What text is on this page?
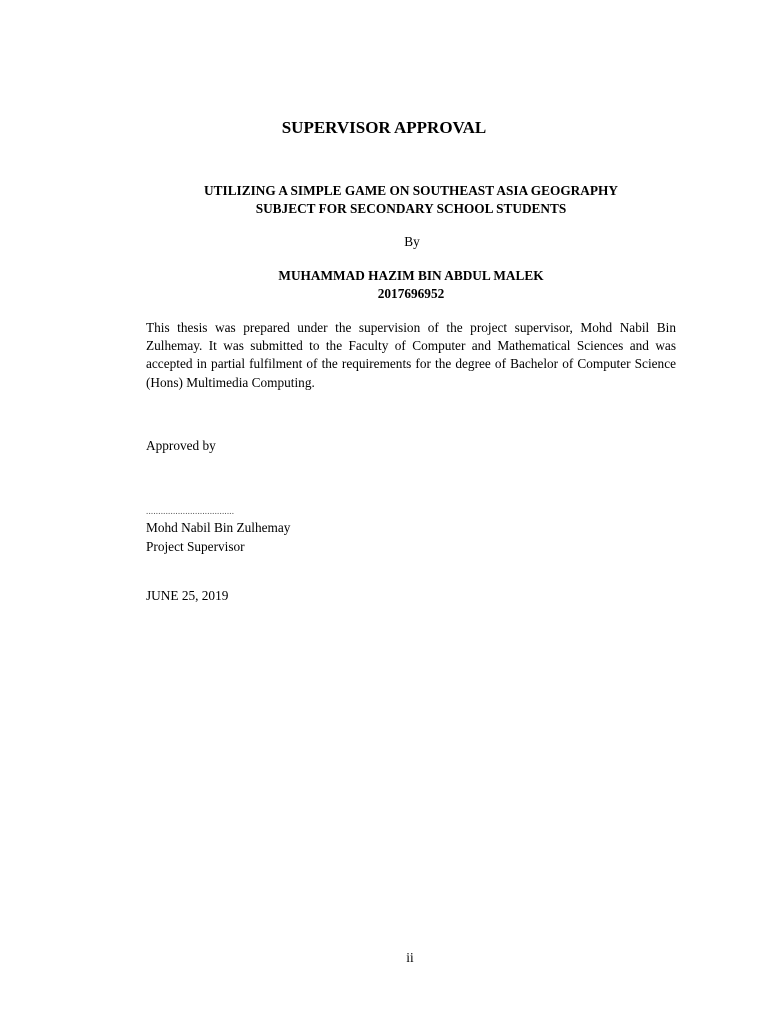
SUPERVISOR APPROVAL
UTILIZING A SIMPLE GAME ON SOUTHEAST ASIA GEOGRAPHY
SUBJECT FOR SECONDARY SCHOOL STUDENTS
By
MUHAMMAD HAZIM BIN ABDUL MALEK
2017696952
This thesis was prepared under the supervision of the project supervisor, Mohd Nabil Bin Zulhemay. It was submitted to the Faculty of Computer and Mathematical Sciences and was accepted in partial fulfilment of the requirements for the degree of Bachelor of Computer Science (Hons) Multimedia Computing.
Approved by
....................................
Mohd Nabil Bin Zulhemay
Project Supervisor
JUNE 25, 2019
ii
